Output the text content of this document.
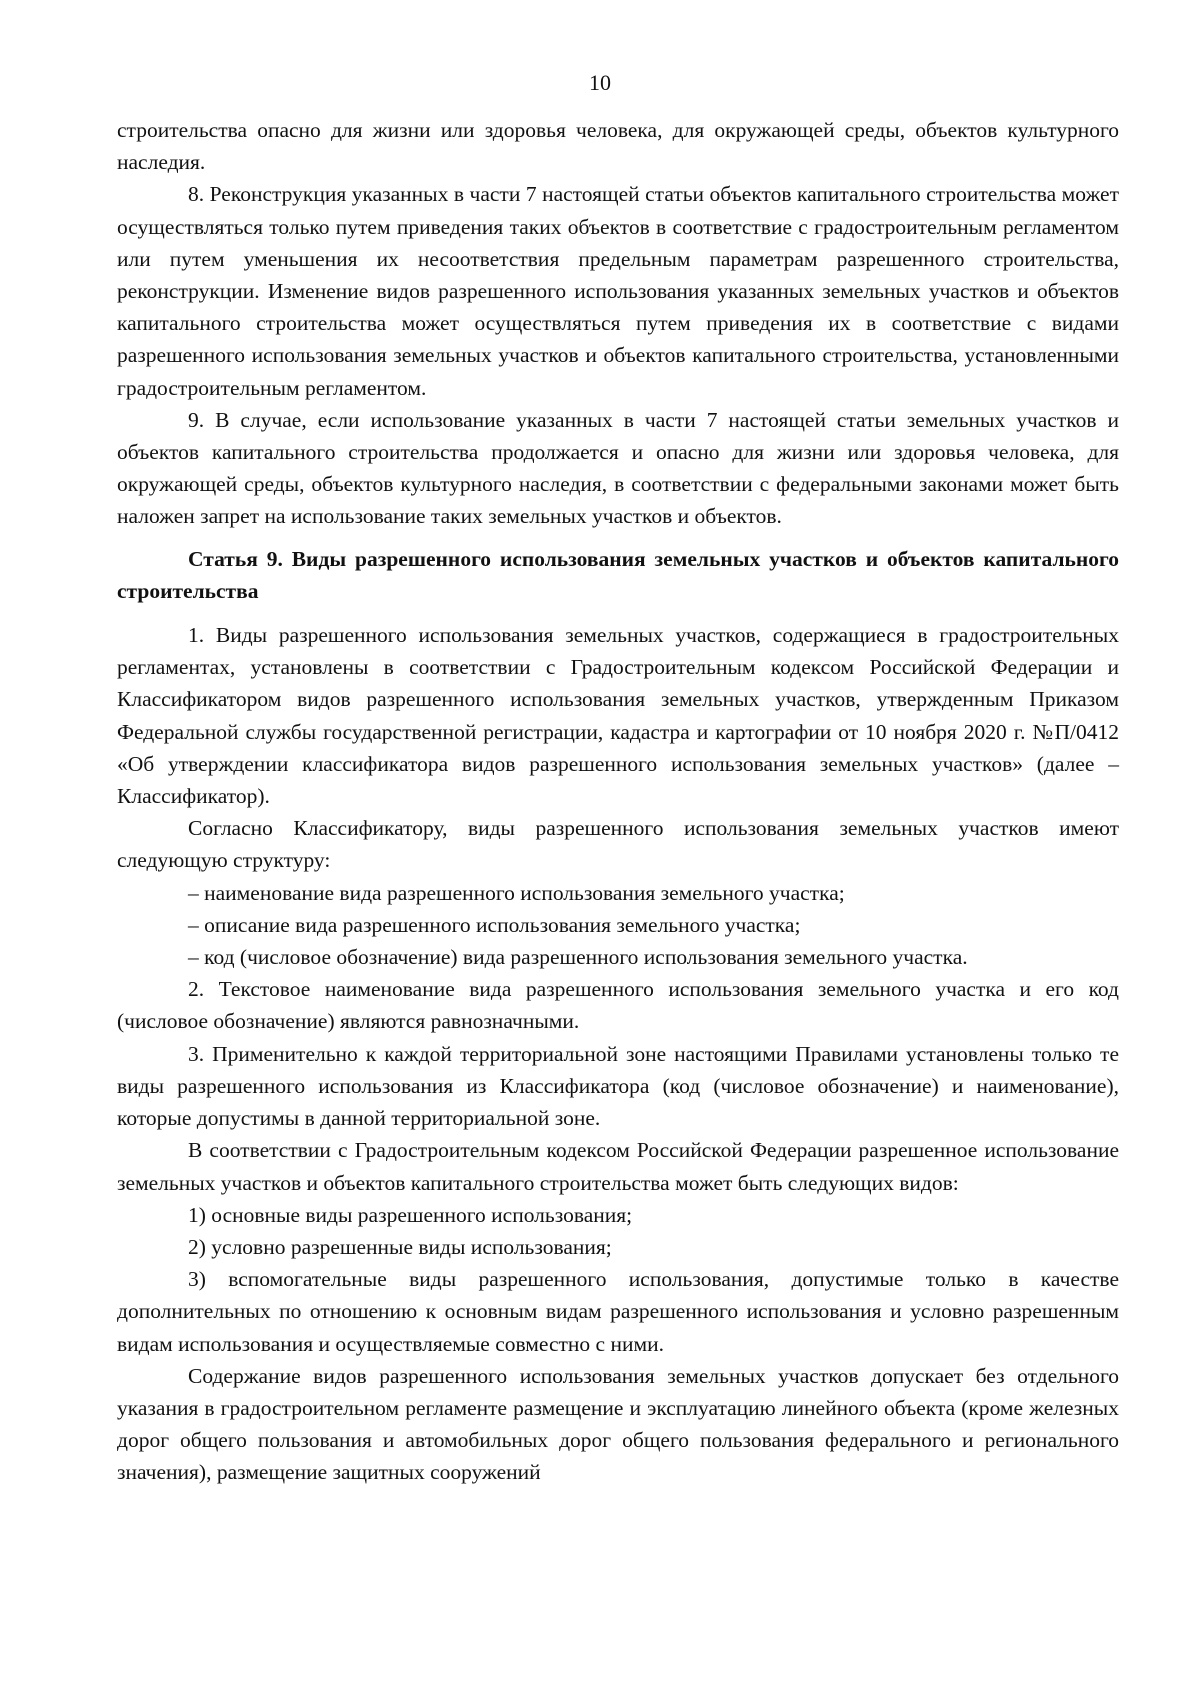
10

строительства опасно для жизни или здоровья человека, для окружающей среды, объектов культурного наследия.

8. Реконструкция указанных в части 7 настоящей статьи объектов капитального строительства может осуществляться только путем приведения таких объектов в соответствие с градостроительным регламентом или путем уменьшения их несоответствия предельным параметрам разрешенного строительства, реконструкции. Изменение видов разрешенного использования указанных земельных участков и объектов капитального строительства может осуществляться путем приведения их в соответствие с видами разрешенного использования земельных участков и объектов капитального строительства, установленными градостроительным регламентом.

9. В случае, если использование указанных в части 7 настоящей статьи земельных участков и объектов капитального строительства продолжается и опасно для жизни или здоровья человека, для окружающей среды, объектов культурного наследия, в соответствии с федеральными законами может быть наложен запрет на использование таких земельных участков и объектов.

Статья 9. Виды разрешенного использования земельных участков и объектов капитального строительства

1. Виды разрешенного использования земельных участков, содержащиеся в градостроительных регламентах, установлены в соответствии с Градостроительным кодексом Российской Федерации и Классификатором видов разрешенного использования земельных участков, утвержденным Приказом Федеральной службы государственной регистрации, кадастра и картографии от 10 ноября 2020 г. №П/0412 «Об утверждении классификатора видов разрешенного использования земельных участков» (далее – Классификатор).

Согласно Классификатору, виды разрешенного использования земельных участков имеют следующую структуру:

– наименование вида разрешенного использования земельного участка;

– описание вида разрешенного использования земельного участка;

– код (числовое обозначение) вида разрешенного использования земельного участка.

2. Текстовое наименование вида разрешенного использования земельного участка и его код (числовое обозначение) являются равнозначными.

3. Применительно к каждой территориальной зоне настоящими Правилами установлены только те виды разрешенного использования из Классификатора (код (числовое обозначение) и наименование), которые допустимы в данной территориальной зоне.

В соответствии с Градостроительным кодексом Российской Федерации разрешенное использование земельных участков и объектов капитального строительства может быть следующих видов:

1) основные виды разрешенного использования;

2) условно разрешенные виды использования;

3) вспомогательные виды разрешенного использования, допустимые только в качестве дополнительных по отношению к основным видам разрешенного использования и условно разрешенным видам использования и осуществляемые совместно с ними.

Содержание видов разрешенного использования земельных участков допускает без отдельного указания в градостроительном регламенте размещение и эксплуатацию линейного объекта (кроме железных дорог общего пользования и автомобильных дорог общего пользования федерального и регионального значения), размещение защитных сооружений
